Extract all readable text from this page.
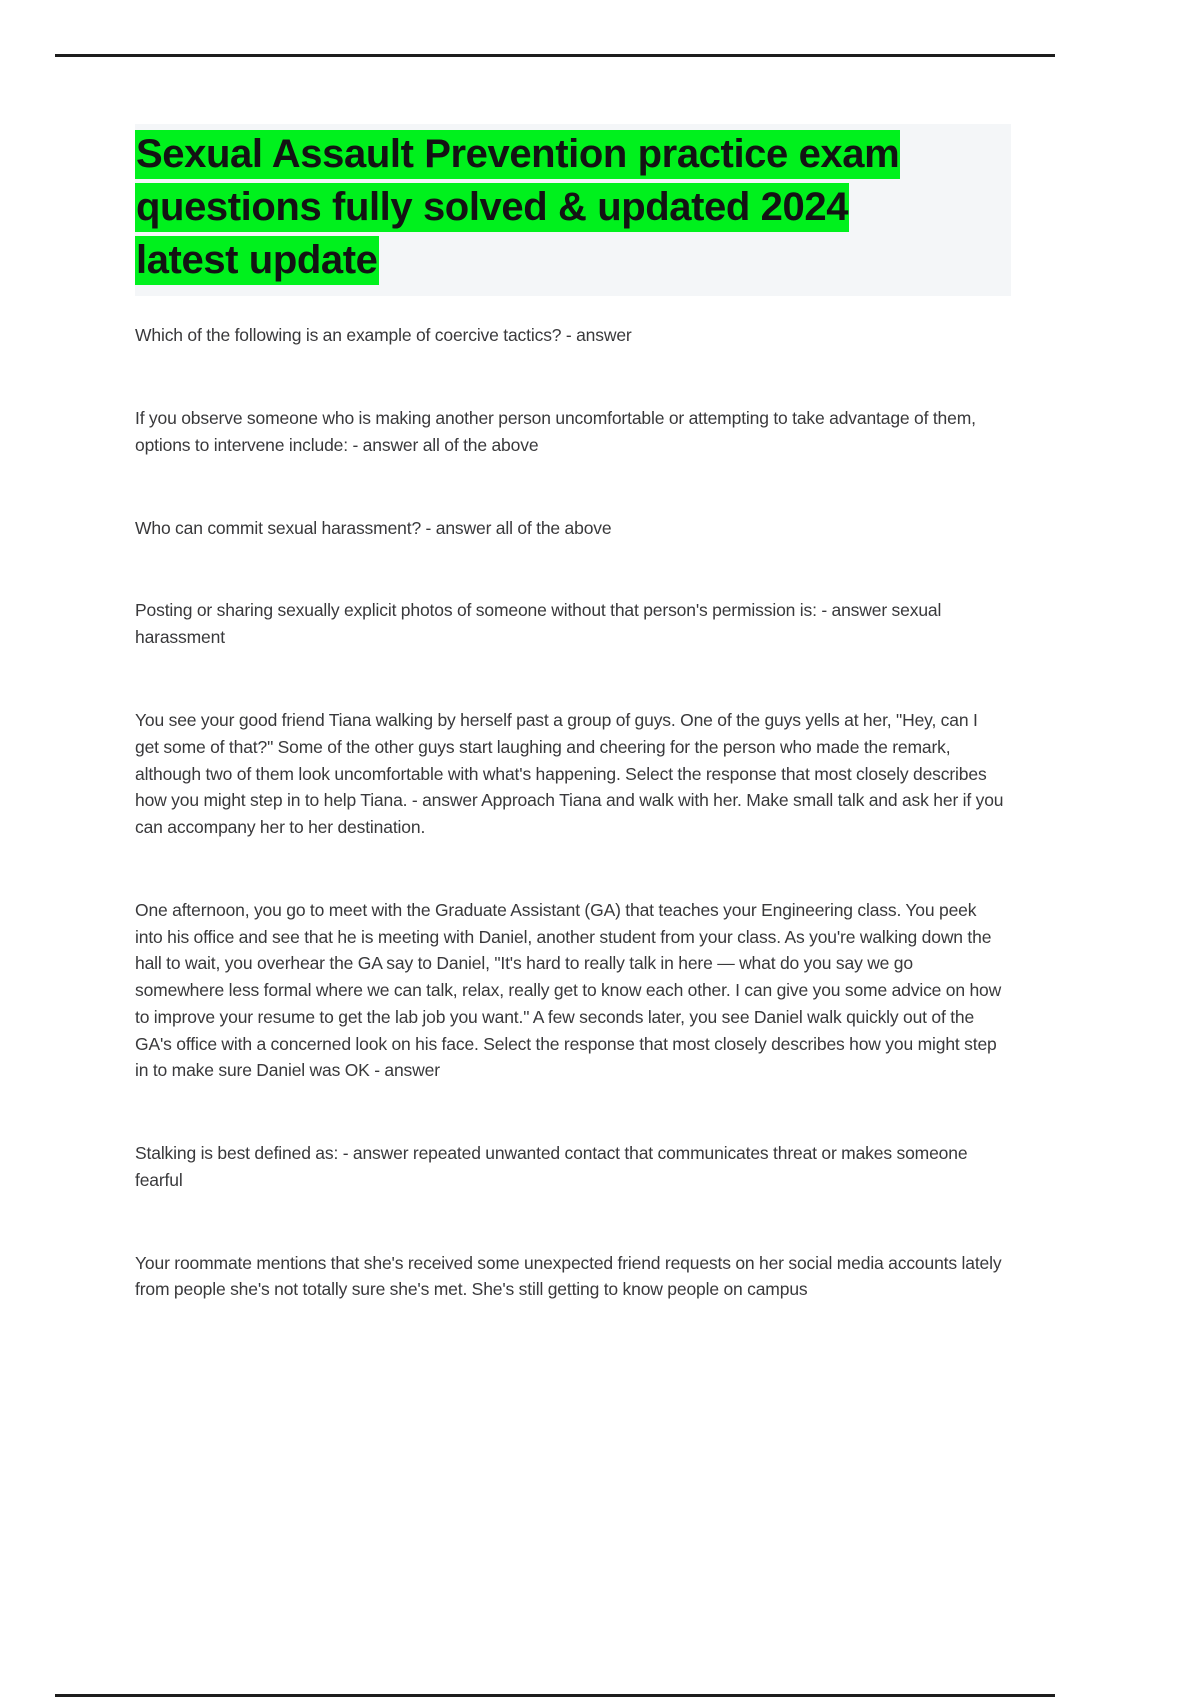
Sexual Assault Prevention practice exam
questions fully solved & updated 2024
latest update

Which of the following is an example of coercive tactics? - answer

If you observe someone who is making another person uncomfortable or attempting to take advantage of them, options to intervene include: - answer all of the above

Who can commit sexual harassment? - answer all of the above

Posting or sharing sexually explicit photos of someone without that person's permission is: - answer sexual harassment

You see your good friend Tiana walking by herself past a group of guys. One of the guys yells at her, "Hey, can I get some of that?" Some of the other guys start laughing and cheering for the person who made the remark, although two of them look uncomfortable with what's happening. Select the response that most closely describes how you might step in to help Tiana. - answer Approach Tiana and walk with her. Make small talk and ask her if you can accompany her to her destination.

One afternoon, you go to meet with the Graduate Assistant (GA) that teaches your Engineering class. You peek into his office and see that he is meeting with Daniel, another student from your class. As you're walking down the hall to wait, you overhear the GA say to Daniel, "It's hard to really talk in here — what do you say we go somewhere less formal where we can talk, relax, really get to know each other. I can give you some advice on how to improve your resume to get the lab job you want." A few seconds later, you see Daniel walk quickly out of the GA's office with a concerned look on his face. Select the response that most closely describes how you might step in to make sure Daniel was OK - answer

Stalking is best defined as: - answer repeated unwanted contact that communicates threat or makes someone fearful

Your roommate mentions that she's received some unexpected friend requests on her social media accounts lately from people she's not totally sure she's met. She's still getting to know people on campus
